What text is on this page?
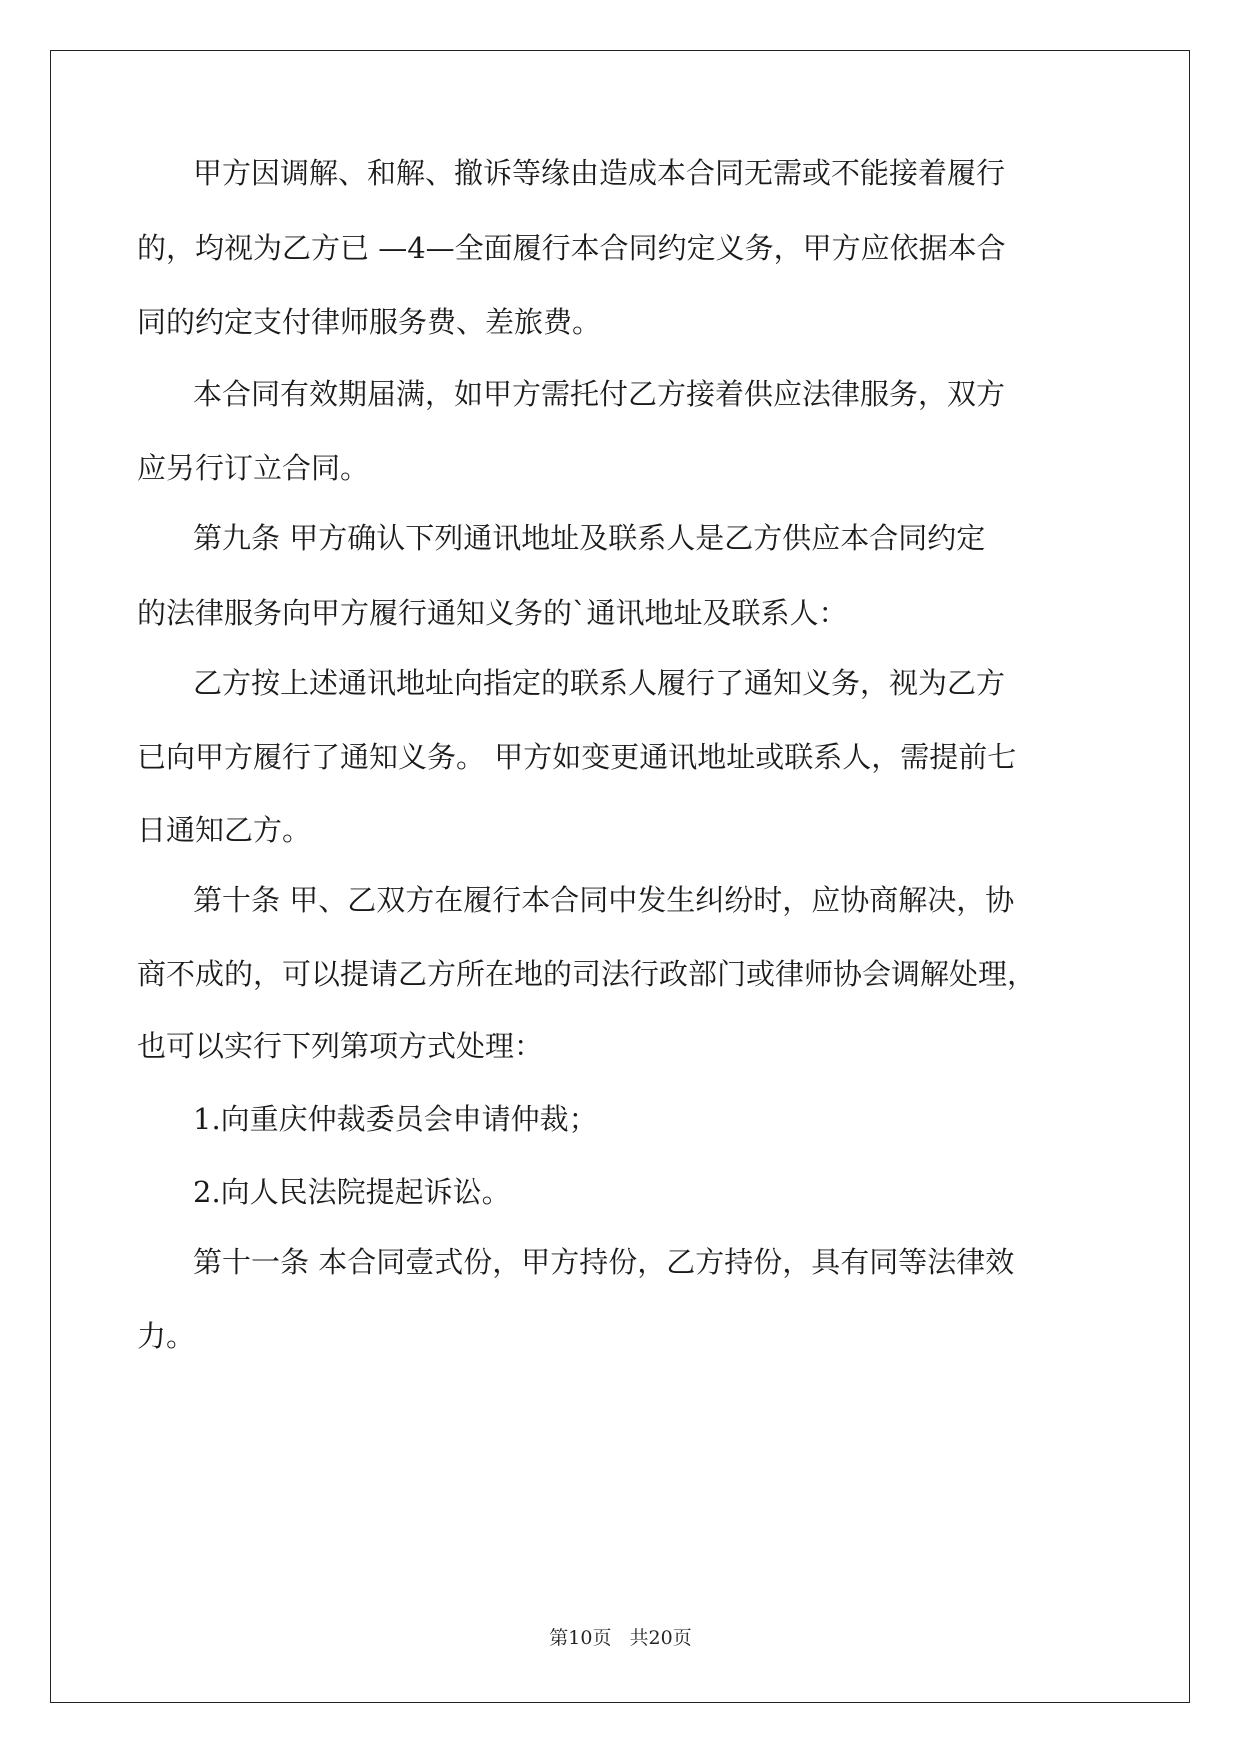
甲方因调解、和解、撤诉等缘由造成本合同无需或不能接着履行

的，均视为乙方已 —4—全面履行本合同约定义务，甲方应依据本合

同的约定支付律师服务费、差旅费。

本合同有效期届满，如甲方需托付乙方接着供应法律服务，双方

应另行订立合同。

第九条 甲方确认下列通讯地址及联系人是乙方供应本合同约定

的法律服务向甲方履行通知义务的`通讯地址及联系人：

乙方按上述通讯地址向指定的联系人履行了通知义务，视为乙方

已向甲方履行了通知义务。 甲方如变更通讯地址或联系人，需提前七

日通知乙方。

第十条 甲、乙双方在履行本合同中发生纠纷时，应协商解决，协

商不成的，可以提请乙方所在地的司法行政部门或律师协会调解处理，

也可以实行下列第项方式处理：

1.向重庆仲裁委员会申请仲裁；

2.向人民法院提起诉讼。

第十一条 本合同壹式份，甲方持份，乙方持份，具有同等法律效

力。

第10页 共20页
